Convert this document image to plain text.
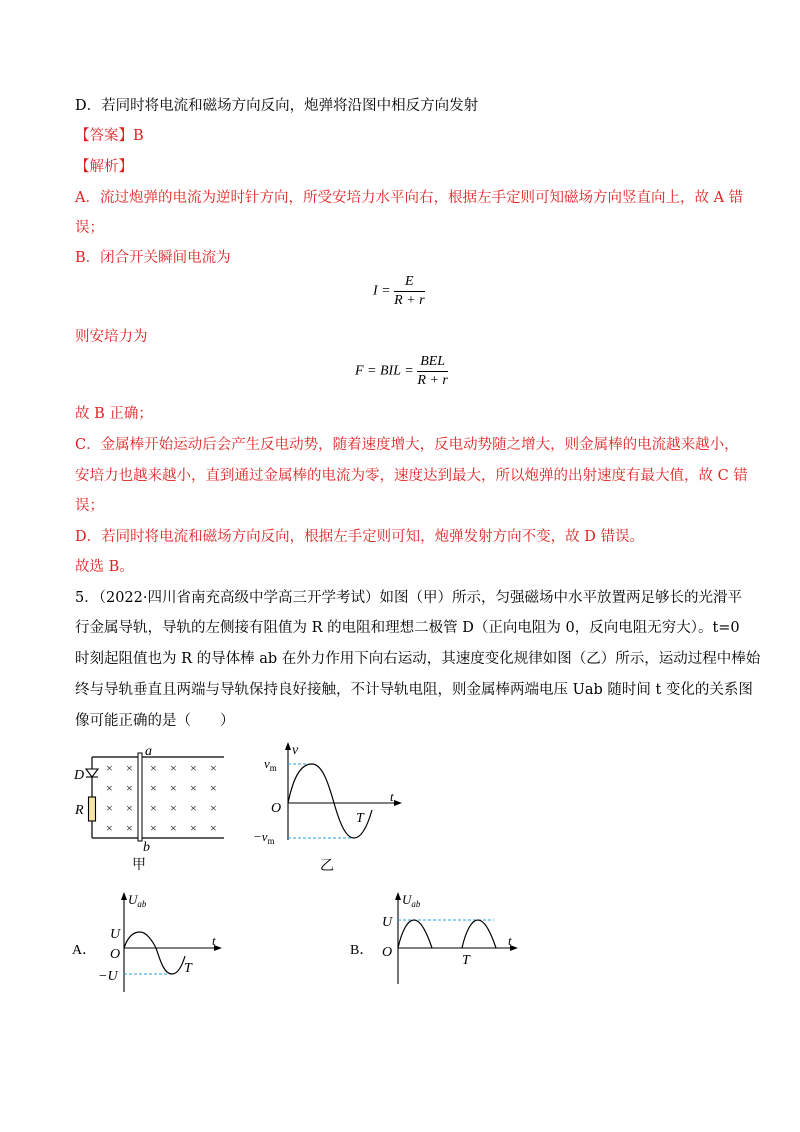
D．若同时将电流和磁场方向反向，炮弹将沿图中相反方向发射
【答案】B
【解析】
A．流过炮弹的电流为逆时针方向，所受安培力水平向右，根据左手定则可知磁场方向竖直向上，故 A 错
误；
B．闭合开关瞬间电流为
$I = \frac{E}{R + r}$
则安培力为
F = BIL = $\frac{\text{BEL}}{R + r}$
故 B 正确；
C．金属棒开始运动后会产生反电动势，随着速度增大，反电动势随之增大，则金属棒的电流越来越小，
安培力也越来越小，直到通过金属棒的电流为零，速度达到最大，所以炮弹的出射速度有最大值，故 C 错
误；
D．若同时将电流和磁场方向反向，根据左手定则可知，炮弹发射方向不变，故 D 错误。
故选 B。
5．（2022·四川省南充高级中学高三开学考试）如图（甲）所示，匀强磁场中水平放置两足够长的光滑平
行金属导轨，导轨的左侧接有阻值为 R 的电阻和理想二极管 D（正向电阻为 0，反向电阻无穷大）。t=0
时刻起阻值也为 R 的导体棒 ab 在外力作用下向右运动，其速度变化规律如图（乙）所示，运动过程中棒始
终与导轨垂直且两端与导轨保持良好接触，不计导轨电阻，则金属棒两端电压 Uab 随时间 t 变化的关系图
像可能正确的是（　　）
a
b
D
R
× × × × × ×
× × × × × ×
× × × × × ×
× × × × × ×
甲
v
t
O
$v_m$
$-v_m$
T
乙
A．
$U_{ab}$
U
O
−U
T
t
B．
$U_{ab}$
U
O
T
t
